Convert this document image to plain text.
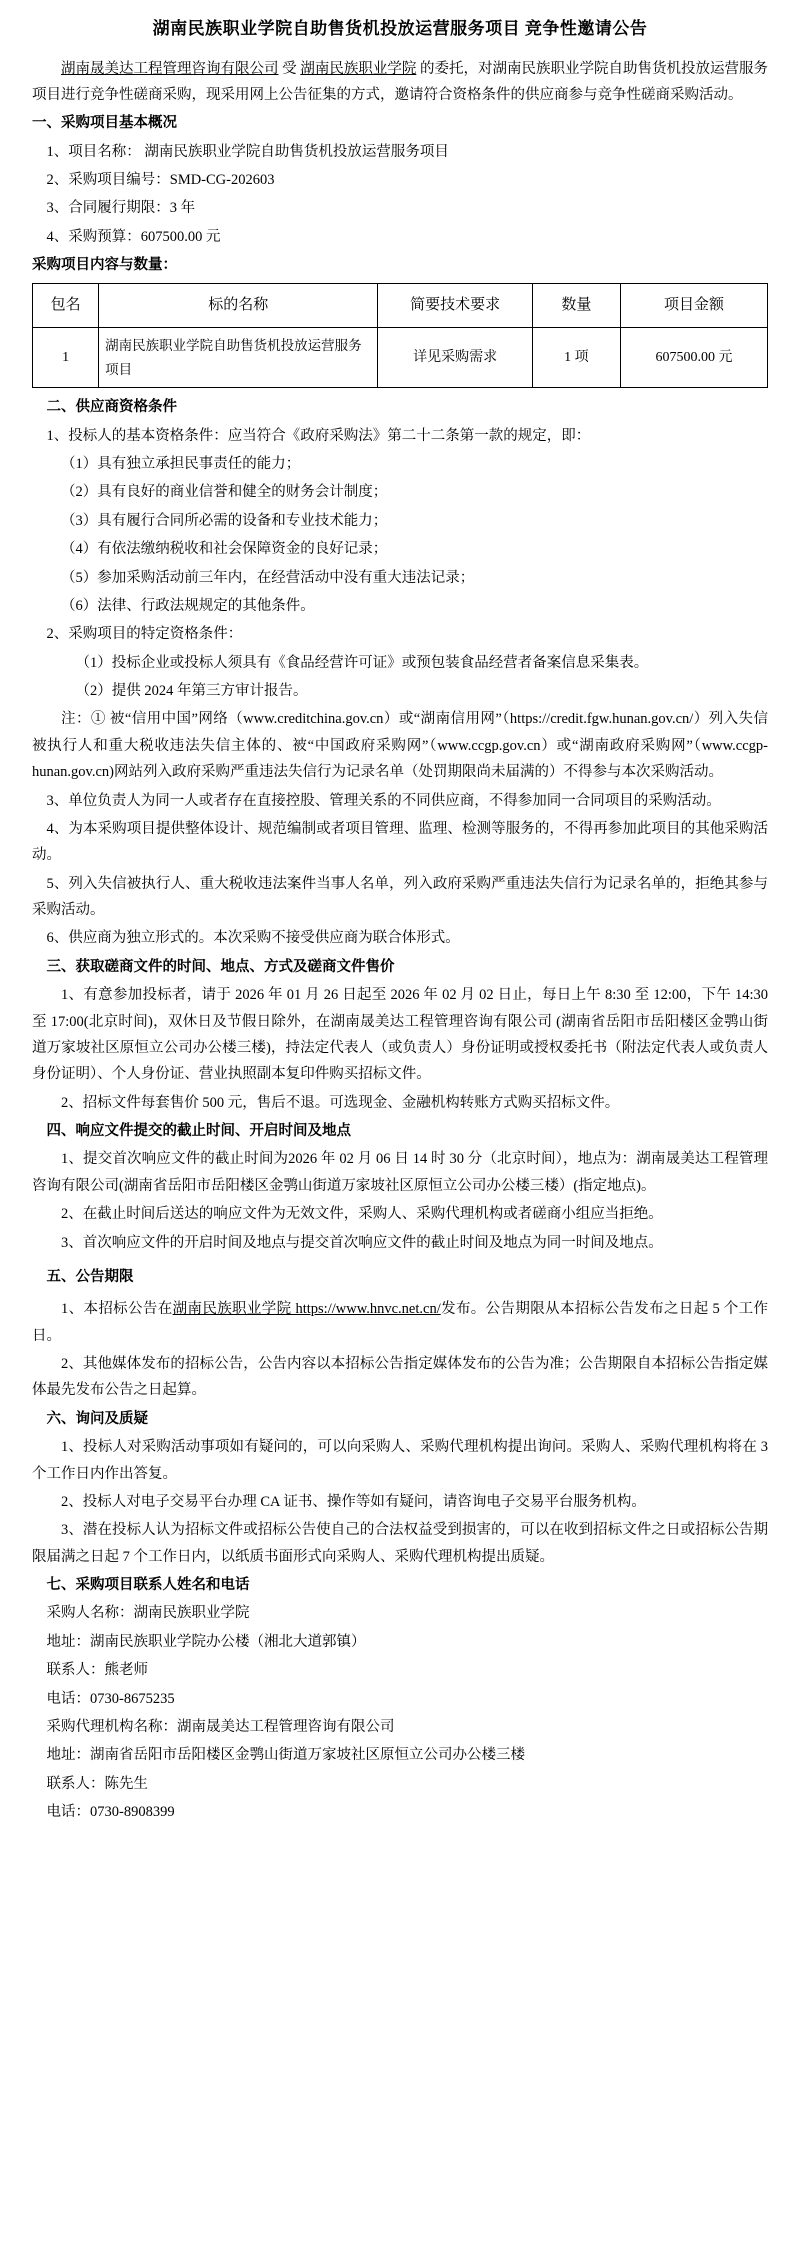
湖南民族职业学院自助售货机投放运营服务项目 竞争性邀请公告

湖南晟美达工程管理咨询有限公司 受 湖南民族职业学院 的委托，对湖南民族职业学院自助售货机投放运营服务项目进行竞争性磋商采购，现采用网上公告征集的方式，邀请符合资格条件的供应商参与竞争性磋商采购活动。

一、采购项目基本概况

1、项目名称： 湖南民族职业学院自助售货机投放运营服务项目

2、采购项目编号：SMD-CG-202603

3、合同履行期限：3 年

4、采购预算：607500.00 元

采购项目内容与数量：

包名	标的名称	简要技术要求	数量	项目金额
1	湖南民族职业学院自助售货机投放运营服务项目	详见采购需求	1 项	607500.00 元
二、供应商资格条件

1、投标人的基本资格条件：应当符合《政府采购法》第二十二条第一款的规定，即：

（1）具有独立承担民事责任的能力；

（2）具有良好的商业信誉和健全的财务会计制度；

（3）具有履行合同所必需的设备和专业技术能力；

（4）有依法缴纳税收和社会保障资金的良好记录；

（5）参加采购活动前三年内，在经营活动中没有重大违法记录；

（6）法律、行政法规规定的其他条件。

2、采购项目的特定资格条件：

（1）投标企业或投标人须具有《食品经营许可证》或预包装食品经营者备案信息采集表。

（2）提供 2024 年第三方审计报告。

注：① 被“信用中国”网络（www.creditchina.gov.cn）或“湖南信用网”（https://credit.fgw.hunan.gov.cn/）列入失信被执行人和重大税收违法失信主体的、被“中国政府采购网”（www.ccgp.gov.cn）或“湖南政府采购网”（www.ccgp-hunan.gov.cn)网站列入政府采购严重违法失信行为记录名单（处罚期限尚未届满的）不得参与本次采购活动。

3、单位负责人为同一人或者存在直接控股、管理关系的不同供应商，不得参加同一合同项目的采购活动。

4、为本采购项目提供整体设计、规范编制或者项目管理、监理、检测等服务的，不得再参加此项目的其他采购活动。

5、列入失信被执行人、重大税收违法案件当事人名单，列入政府采购严重违法失信行为记录名单的，拒绝其参与采购活动。

6、供应商为独立形式的。本次采购不接受供应商为联合体形式。

三、获取磋商文件的时间、地点、方式及磋商文件售价

1、有意参加投标者，请于 2026 年 01 月 26 日起至 2026 年 02 月 02 日止，每日上午 8:30 至 12:00，下午 14:30 至 17:00(北京时间)，双休日及节假日除外，在湖南晟美达工程管理咨询有限公司 (湖南省岳阳市岳阳楼区金鹗山街道万家坡社区原恒立公司办公楼三楼)，持法定代表人（或负责人）身份证明或授权委托书（附法定代表人或负责人身份证明）、个人身份证、营业执照副本复印件购买招标文件。

2、招标文件每套售价 500 元，售后不退。可选现金、金融机构转账方式购买招标文件。

四、响应文件提交的截止时间、开启时间及地点

1、提交首次响应文件的截止时间为2026 年 02 月 06 日 14 时 30 分（北京时间），地点为：湖南晟美达工程管理咨询有限公司(湖南省岳阳市岳阳楼区金鹗山街道万家坡社区原恒立公司办公楼三楼）(指定地点)。

2、在截止时间后送达的响应文件为无效文件，采购人、采购代理机构或者磋商小组应当拒绝。

3、首次响应文件的开启时间及地点与提交首次响应文件的截止时间及地点为同一时间及地点。

五、公告期限

1、本招标公告在湖南民族职业学院 https://www.hnvc.net.cn/发布。公告期限从本招标公告发布之日起 5 个工作日。

2、其他媒体发布的招标公告，公告内容以本招标公告指定媒体发布的公告为准；公告期限自本招标公告指定媒体最先发布公告之日起算。

六、询问及质疑

1、投标人对采购活动事项如有疑问的，可以向采购人、采购代理机构提出询问。采购人、采购代理机构将在 3 个工作日内作出答复。

2、投标人对电子交易平台办理 CA 证书、操作等如有疑问，请咨询电子交易平台服务机构。

3、潜在投标人认为招标文件或招标公告使自己的合法权益受到损害的，可以在收到招标文件之日或招标公告期限届满之日起 7 个工作日内，以纸质书面形式向采购人、采购代理机构提出质疑。

七、采购项目联系人姓名和电话

采购人名称：湖南民族职业学院

地址：湖南民族职业学院办公楼（湘北大道郭镇）

联系人：熊老师

电话：0730-8675235

采购代理机构名称：湖南晟美达工程管理咨询有限公司

地址：湖南省岳阳市岳阳楼区金鹗山街道万家坡社区原恒立公司办公楼三楼

联系人：陈先生

电话：0730-8908399
